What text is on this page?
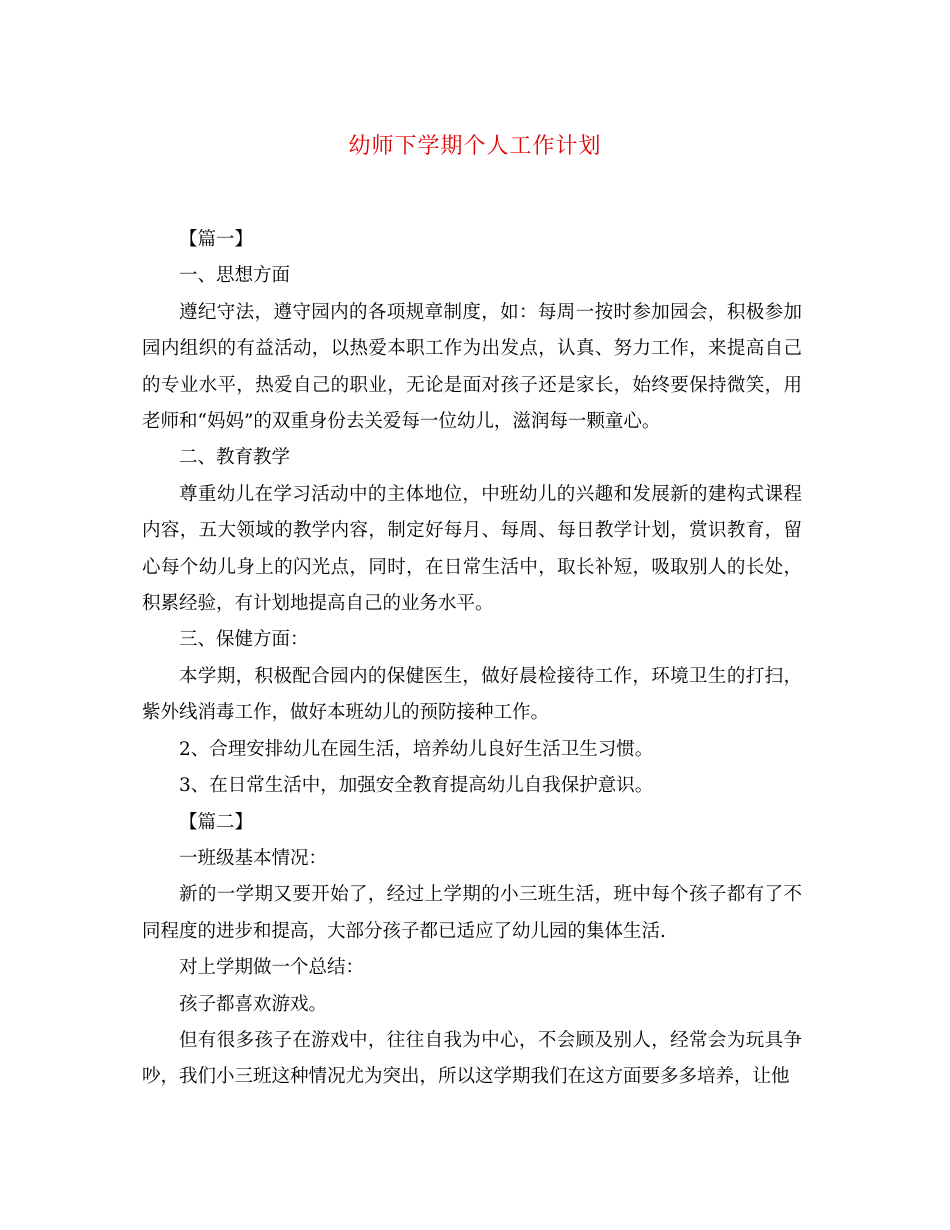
幼师下学期个人工作计划

【篇一】

一、思想方面

遵纪守法，遵守园内的各项规章制度，如：每周一按时参加园会，积极参加园内组织的有益活动，以热爱本职工作为出发点，认真、努力工作，来提高自己的专业水平，热爱自己的职业，无论是面对孩子还是家长，始终要保持微笑，用老师和“妈妈”的双重身份去关爱每一位幼儿，滋润每一颗童心。

二、教育教学

尊重幼儿在学习活动中的主体地位，中班幼儿的兴趣和发展新的建构式课程内容，五大领域的教学内容，制定好每月、每周、每日教学计划，赏识教育，留心每个幼儿身上的闪光点，同时，在日常生活中，取长补短，吸取别人的长处，积累经验，有计划地提高自己的业务水平。

三、保健方面：

本学期，积极配合园内的保健医生，做好晨检接待工作，环境卫生的打扫，紫外线消毒工作，做好本班幼儿的预防接种工作。

2、合理安排幼儿在园生活，培养幼儿良好生活卫生习惯。

3、在日常生活中，加强安全教育提高幼儿自我保护意识。

【篇二】

一班级基本情况：

新的一学期又要开始了，经过上学期的小三班生活，班中每个孩子都有了不同程度的进步和提高，大部分孩子都已适应了幼儿园的集体生活.

对上学期做一个总结：

孩子都喜欢游戏。

但有很多孩子在游戏中，往往自我为中心，不会顾及别人，经常会为玩具争吵，我们小三班这种情况尤为突出，所以这学期我们在这方面要多多培养，让他
